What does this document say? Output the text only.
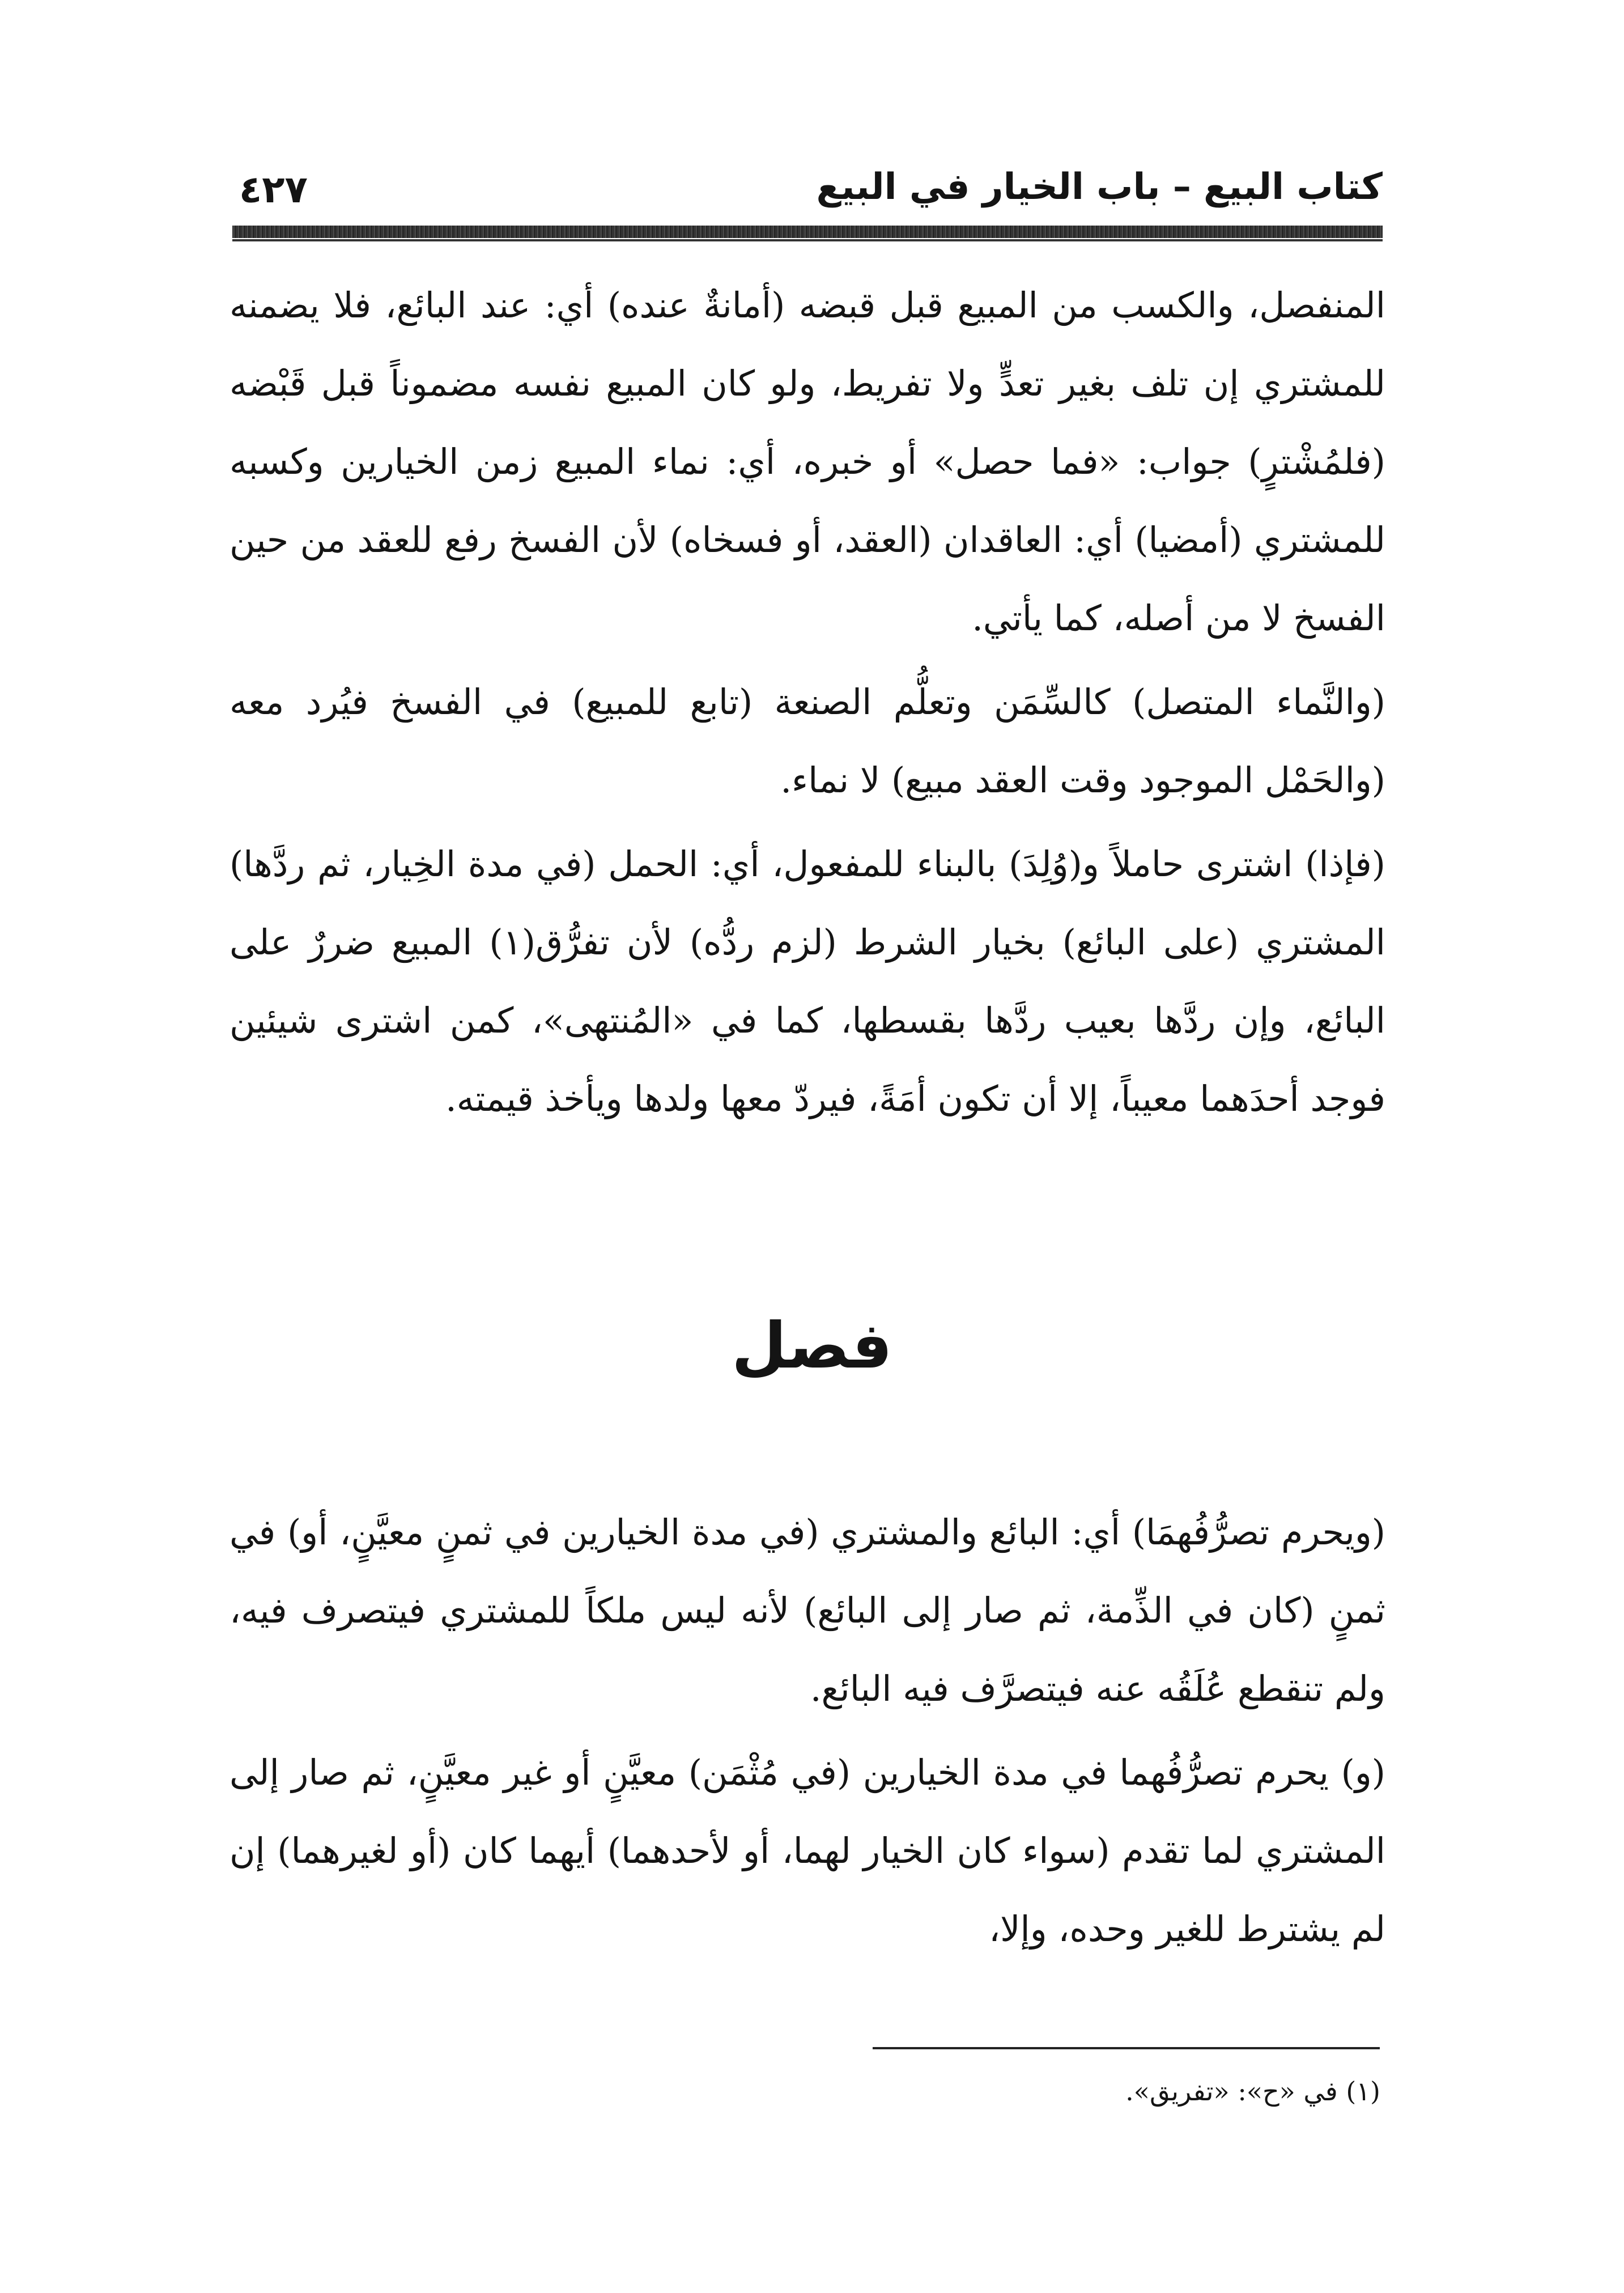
كتاب البيع – باب الخيار في البيع
٤٢٧

المنفصل، والكسب من المبيع قبل قبضه (أمانةٌ عنده) أي: عند البائع، فلا يضمنه للمشتري إن تلف بغير تعدٍّ ولا تفريط، ولو كان المبيع نفسه مضموناً قبل قَبْضه (فلمُشْترٍ) جواب: «فما حصل» أو خبره، أي: نماء المبيع زمن الخيارين وكسبه للمشتري (أمضيا) أي: العاقدان (العقد، أو فسخاه) لأن الفسخ رفع للعقد من حين الفسخ لا من أصله، كما يأتي.

(والنَّماء المتصل) كالسِّمَن وتعلُّم الصنعة (تابع للمبيع) في الفسخ فيُرد معه (والحَمْل الموجود وقت العقد مبيع) لا نماء.

(فإذا) اشترى حاملاً و(وُلِدَ) بالبناء للمفعول، أي: الحمل (في مدة الخِيار، ثم ردَّها) المشتري (على البائع) بخيار الشرط (لزم ردُّه) لأن تفرُّق(١) المبيع ضررٌ على البائع، وإن ردَّها بعيب ردَّها بقسطها، كما في «المُنتهى»، كمن اشترى شيئين فوجد أحدَهما معيباً، إلا أن تكون أمَةً، فيردّ معها ولدها ويأخذ قيمته.

فصل

(ويحرم تصرُّفُهمَا) أي: البائع والمشتري (في مدة الخيارين في ثمنٍ معيَّنٍ، أو) في ثمنٍ (كان في الذِّمة، ثم صار إلى البائع) لأنه ليس ملكاً للمشتري فيتصرف فيه، ولم تنقطع عُلَقُه عنه فيتصرَّف فيه البائع.

(و) يحرم تصرُّفُهما في مدة الخيارين (في مُثْمَن) معيَّنٍ أو غير معيَّنٍ، ثم صار إلى المشتري لما تقدم (سواء كان الخيار لهما، أو لأحدهما) أيهما كان (أو لغيرهما) إن لم يشترط للغير وحده، وإلا،

(١) في «ح»: «تفريق».
